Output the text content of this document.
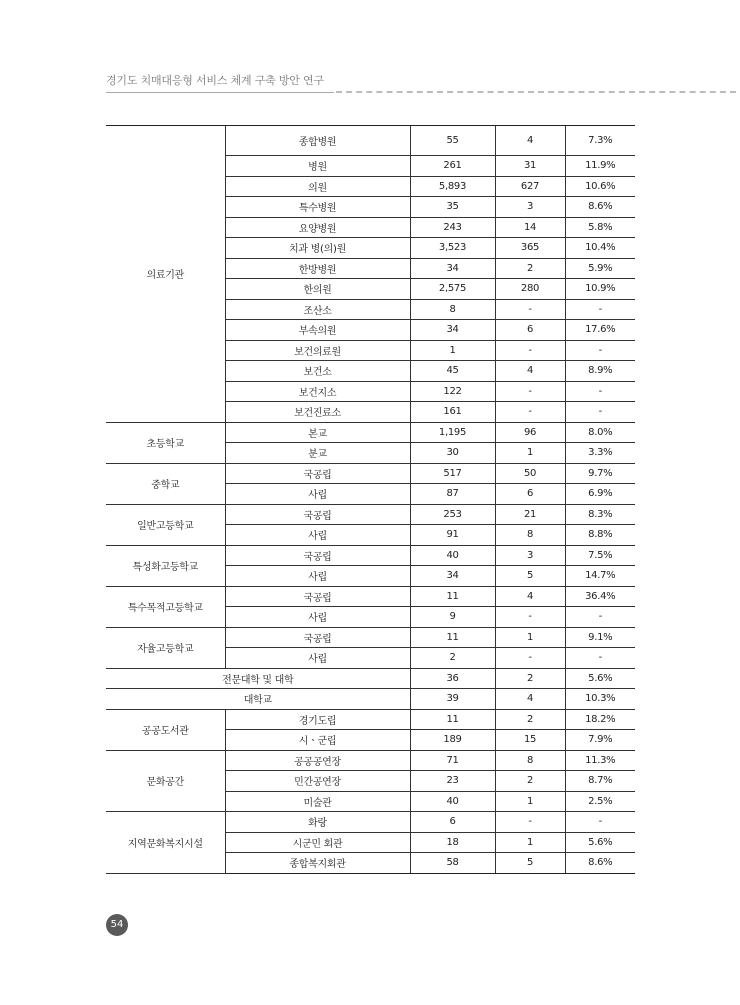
경기도 치매대응형 서비스 체계 구축 방안 연구
의료기관	종합병원	55	4	7.3%
	병원	261	31	11.9%
	의원	5,893	627	10.6%
	특수병원	35	3	8.6%
	요양병원	243	14	5.8%
	치과 병(의)원	3,523	365	10.4%
	한방병원	34	2	5.9%
	한의원	2,575	280	10.9%
	조산소	8	-	-
	부속의원	34	6	17.6%
	보건의료원	1	-	-
	보건소	45	4	8.9%
	보건지소	122	-	-
	보건진료소	161	-	-
초등학교	본교	1,195	96	8.0%
	분교	30	1	3.3%
중학교	국공립	517	50	9.7%
	사립	87	6	6.9%
일반고등학교	국공립	253	21	8.3%
	사립	91	8	8.8%
특성화고등학교	국공립	40	3	7.5%
	사립	34	5	14.7%
특수목적고등학교	국공립	11	4	36.4%
	사립	9	-	-
자율고등학교	국공립	11	1	9.1%
	사립	2	-	-
전문대학 및 대학		36	2	5.6%
대학교		39	4	10.3%
공공도서관	경기도립	11	2	18.2%
	시ㆍ군립	189	15	7.9%
문화공간	공공공연장	71	8	11.3%
	민간공연장	23	2	8.7%
	미술관	40	1	2.5%
지역문화복지시설	화랑	6	-	-
	시군민 회관	18	1	5.6%
	종합복지회관	58	5	8.6%
54
